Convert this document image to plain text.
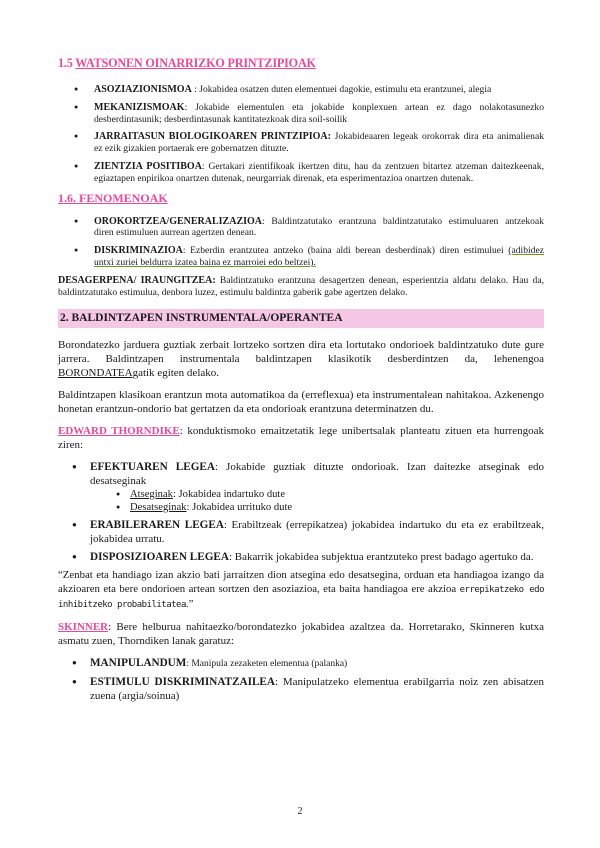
1.5 WATSONEN OINARRIZKO PRINTZIPIOAK
● ASOZIAZIONISMOA : Jokabidea osatzen duten elementuei dagokie, estimulu eta erantzunei, alegia
● MEKANIZISMOAK: Jokabide elementulen eta jokabide konplexuen artean ez dago nolakotasunezko desberdintasunik; desberdintasunak kantitatezkoak dira soil-soilik
● JARRAITASUN BIOLOGIKOAREN PRINTZIPIOA: Jokabideaaren legeak orokorrak dira eta animalienak ez ezik gizakien portaerak ere gobernatzen dituzte.
● ZIENTZIA POSITIBOA: Gertakari zientifikoak ikertzen ditu, hau da zentzuen bitartez atzeman daitezkeenak, egiaztapen enpirikoa onartzen dutenak, neurgarriak direnak, eta esperimentazioa onartzen dutenak.
1.6. FENOMENOAK
● OROKORTZEA/GENERALIZAZIOA: Baldintzatutako erantzuna baldintzatutako estimuluaren antzekoak diren estimuluen aurrean agertzen denean.
● DISKRIMINAZIOA: Ezberdin erantzutea antzeko (baina aldi berean desberdinak) diren estimuluei (adibidez untxi zuriei beldurra izatea baina ez marroiei edo beltzei).

DESAGERPENA/ IRAUNGITZEA: Baldintzatuko erantzuna desagertzen denean, esperientzia aldatu delako. Hau da, baldintzatutako estimulua, denbora luzez, estimulu baldintza gaberik gabe agertzen delako.

2. BALDINTZAPEN INSTRUMENTALA/OPERANTEA

Borondatezko jarduera guztiak zerbait lortzeko sortzen dira eta lortutako ondorioek baldintzatuko dute gure jarrera. Baldintzapen instrumentala baldintzapen klasikotik desberdintzen da, lehenengoa BORONDATEAgatik egiten delako.

Baldintzapen klasikoan erantzun mota automatikoa da (erreflexua) eta instrumentalean nahitakoa. Azkenengo honetan erantzun-ondorio bat gertatzen da eta ondorioak erantzuna determinatzen du.

EDWARD THORNDIKE: konduktismoko emaitzetatik lege unibertsalak planteatu zituen eta hurrengoak ziren:

● EFEKTUAREN LEGEA: Jokabide guztiak dituzte ondorioak. Izan daitezke atseginak edo desatseginak
● Atseginak: Jokabidea indartuko dute
● Desatseginak: Jokabidea urrituko dute
● ERABILERAREN LEGEA: Erabiltzeak (errepikatzea) jokabidea indartuko du eta ez erabiltzeak, jokabidea urratu.
● DISPOSIZIOAREN LEGEA: Bakarrik jokabidea subjektua erantzuteko prest badago agertuko da.

“Zenbat eta handiago izan akzio bati jarraitzen dion atsegina edo desatsegina, orduan eta handiagoa izango da akzioaren eta bere ondorioen artean sortzen den asoziazioa, eta baita handiagoa ere akzioa errepikatzeko edo inhibitzeko probabilitatea.”

SKINNER: Bere helburua nahitaezko/borondatezko jokabidea azaltzea da. Horretarako, Skinneren kutxa asmatu zuen, Thorndiken lanak garatuz:

● MANIPULANDUM: Manipula zezaketen elementua (palanka)
● ESTIMULU DISKRIMINATZAILEA: Manipulatzeko elementua erabilgarria noiz zen abisatzen zuena (argia/soinua)
2
